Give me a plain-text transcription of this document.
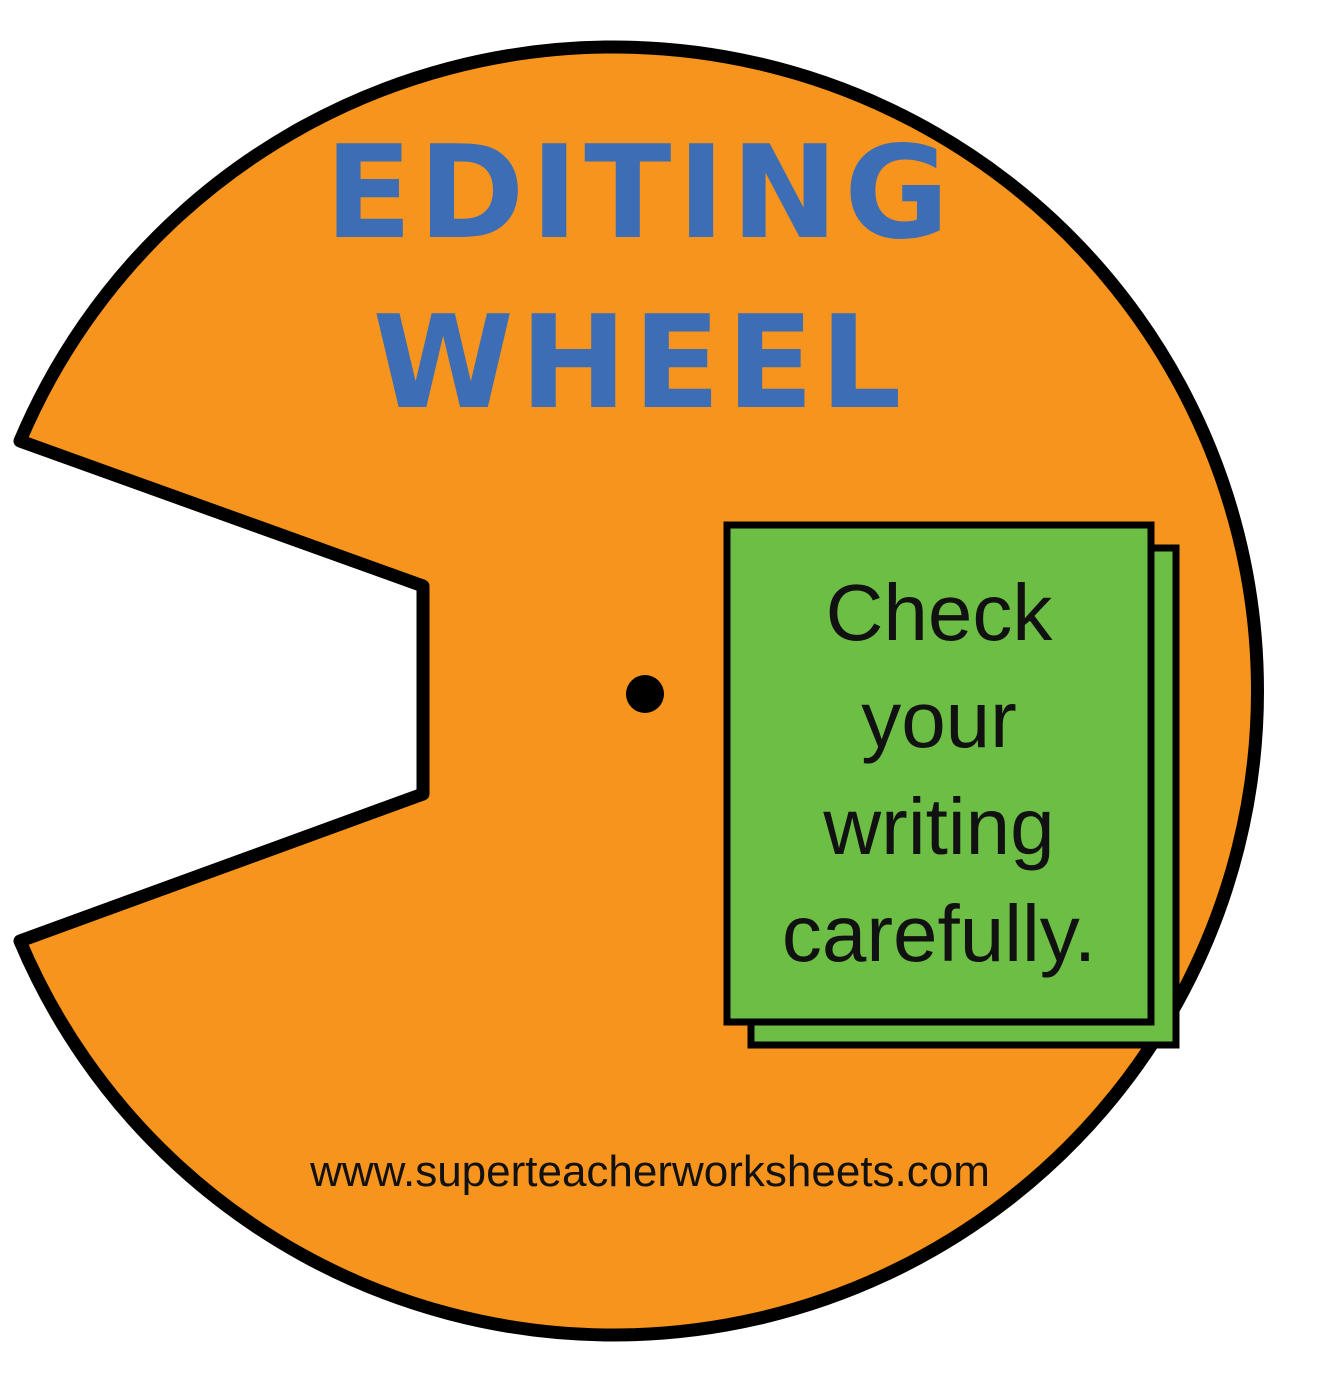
EDITING
WHEEL
Check
your
writing
carefully.
www.superteacherworksheets.com
